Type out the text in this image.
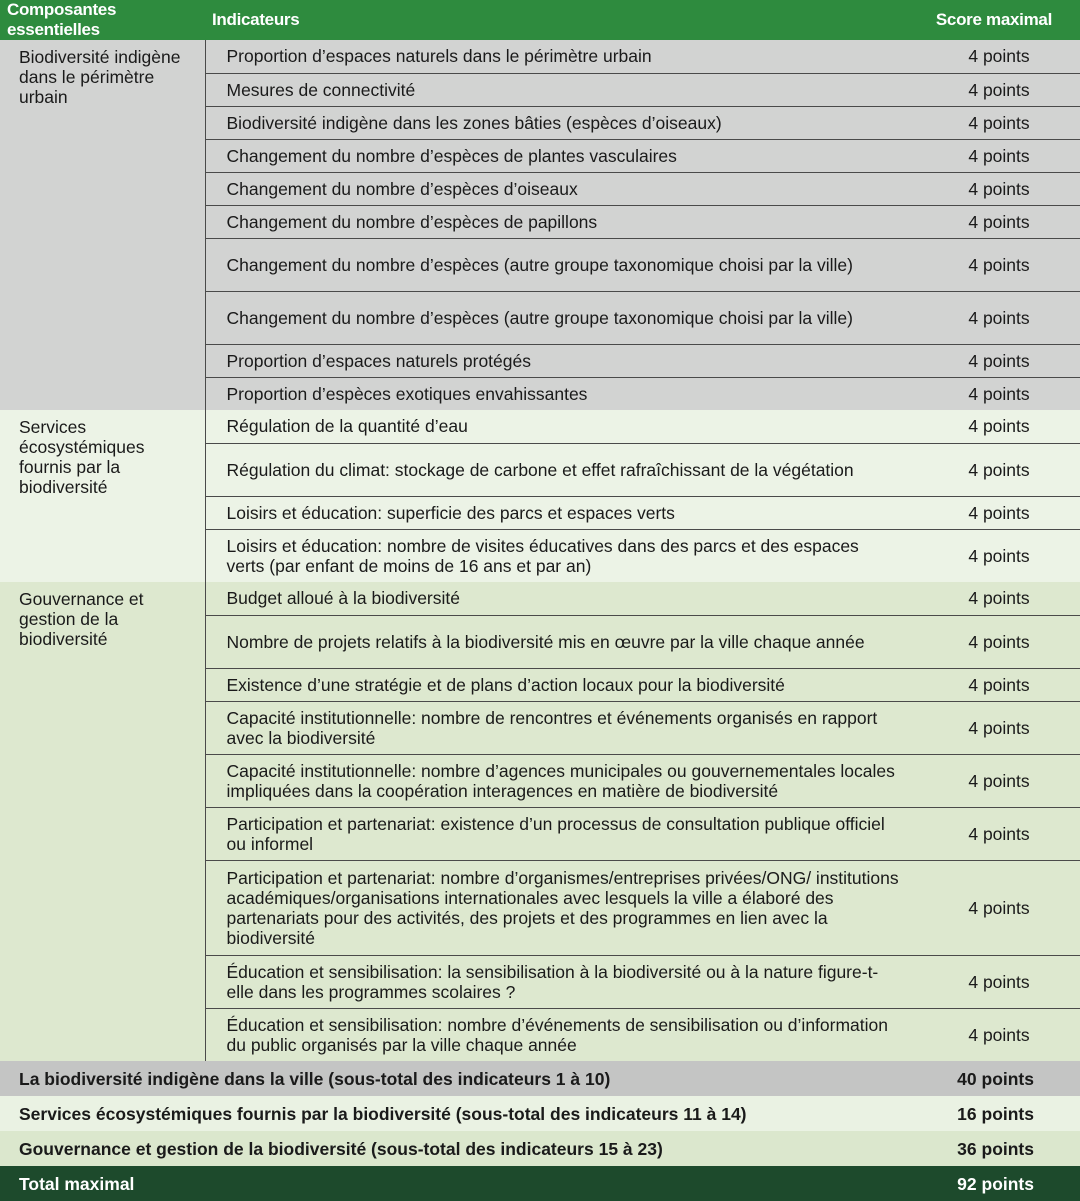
Composantes essentielles	Indicateurs	Score maximal
Biodiversité indigène dans le périmètre urbain	Proportion d’espaces naturels dans le périmètre urbain	4 points
	Mesures de connectivité	4 points
	Biodiversité indigène dans les zones bâties (espèces d’oiseaux)	4 points
	Changement du nombre d’espèces de plantes vasculaires	4 points
	Changement du nombre d’espèces d’oiseaux	4 points
	Changement du nombre d’espèces de papillons	4 points
	Changement du nombre d’espèces (autre groupe taxonomique choisi par la ville)	4 points
	Changement du nombre d’espèces (autre groupe taxonomique choisi par la ville)	4 points
	Proportion d’espaces naturels protégés	4 points
	Proportion d’espèces exotiques envahissantes	4 points
Services écosystémiques fournis par la biodiversité	Régulation de la quantité d’eau	4 points
	Régulation du climat: stockage de carbone et effet rafraîchissant de la végétation	4 points
	Loisirs et éducation: superficie des parcs et espaces verts	4 points
	Loisirs et éducation: nombre de visites éducatives dans des parcs et des espaces verts (par enfant de moins de 16 ans et par an)	4 points
Gouvernance et gestion de la biodiversité	Budget alloué à la biodiversité	4 points
	Nombre de projets relatifs à la biodiversité mis en œuvre par la ville chaque année	4 points
	Existence d’une stratégie et de plans d’action locaux pour la biodiversité	4 points
	Capacité institutionnelle: nombre de rencontres et événements organisés en rapport avec la biodiversité	4 points
	Capacité institutionnelle: nombre d’agences municipales ou gouvernementales locales impliquées dans la coopération interagences en matière de biodiversité	4 points
	Participation et partenariat: existence d’un processus de consultation publique officiel ou informel	4 points
	Participation et partenariat: nombre d’organismes/entreprises privées/ONG/ institutions académiques/organisations internationales avec lesquels la ville a élaboré des partenariats pour des activités, des projets et des programmes en lien avec la biodiversité	4 points
	Éducation et sensibilisation: la sensibilisation à la biodiversité ou à la nature figure-t-elle dans les programmes scolaires ?	4 points
	Éducation et sensibilisation: nombre d’événements de sensibilisation ou d’information du public organisés par la ville chaque année	4 points
La biodiversité indigène dans la ville (sous-total des indicateurs 1 à 10)		40 points
Services écosystémiques fournis par la biodiversité (sous-total des indicateurs 11 à 14)		16 points
Gouvernance et gestion de la biodiversité (sous-total des indicateurs 15 à 23)		36 points
Total maximal		92 points
